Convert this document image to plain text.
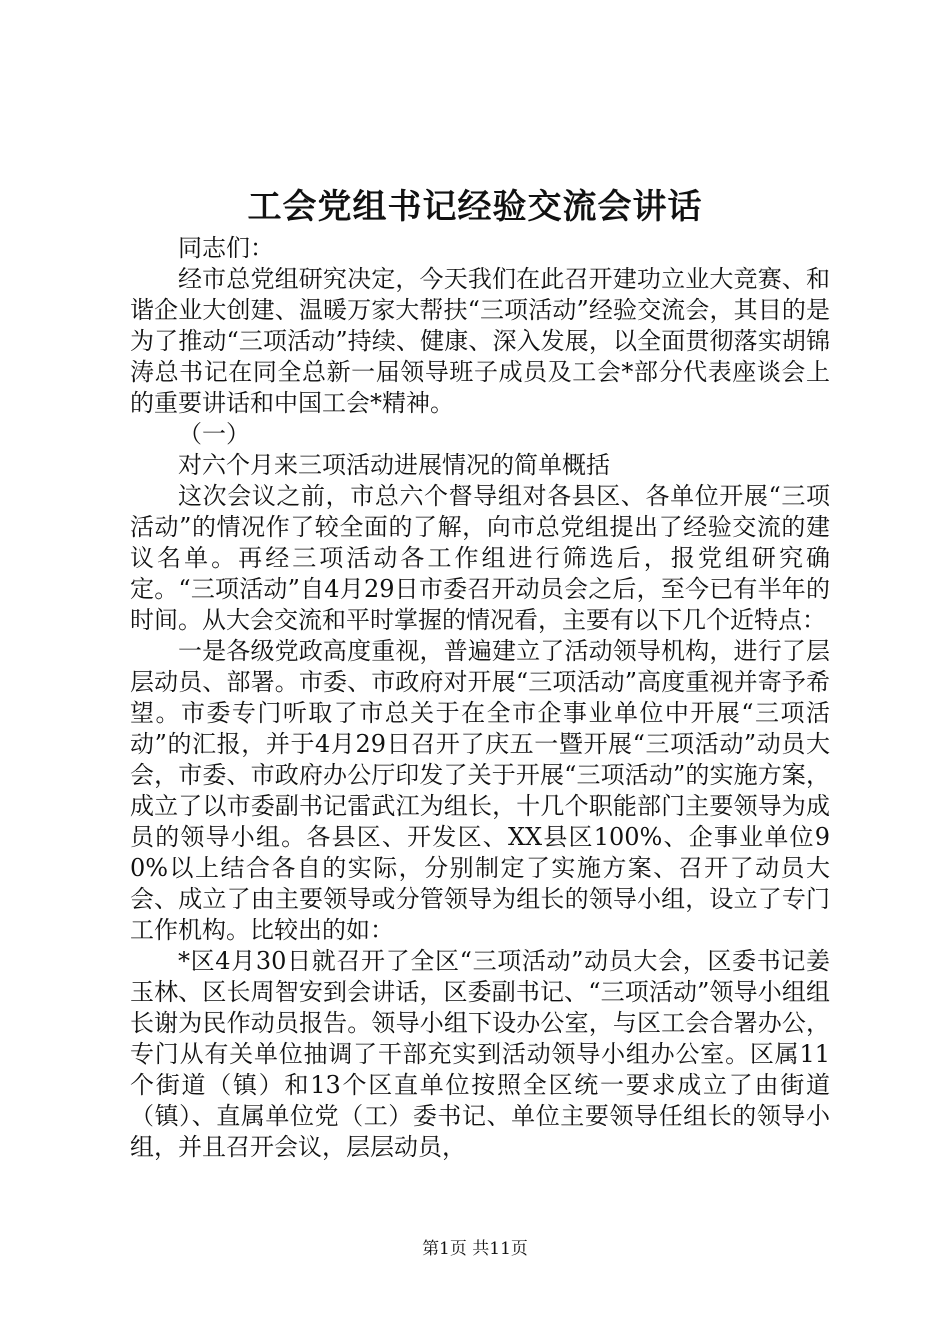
工会党组书记经验交流会讲话

同志们：

经市总党组研究决定，今天我们在此召开建功立业大竞赛、和谐企业大创建、温暖万家大帮扶“三项活动”经验交流会，其目的是为了推动“三项活动”持续、健康、深入发展，以全面贯彻落实胡锦涛总书记在同全总新一届领导班子成员及工会*部分代表座谈会上的重要讲话和中国工会*精神。

（一）

对六个月来三项活动进展情况的简单概括

这次会议之前，市总六个督导组对各县区、各单位开展“三项活动”的情况作了较全面的了解，向市总党组提出了经验交流的建议名单。再经三项活动各工作组进行筛选后，报党组研究确定。“三项活动”自4月29日市委召开动员会之后，至今已有半年的时间。从大会交流和平时掌握的情况看，主要有以下几个近特点：

一是各级党政高度重视，普遍建立了活动领导机构，进行了层层动员、部署。市委、市政府对开展“三项活动”高度重视并寄予希望。市委专门听取了市总关于在全市企事业单位中开展“三项活动”的汇报，并于4月29日召开了庆五一暨开展“三项活动”动员大会，市委、市政府办公厅印发了关于开展“三项活动”的实施方案，成立了以市委副书记雷武江为组长，十几个职能部门主要领导为成员的领导小组。各县区、开发区、XX县区100%、企事业单位90%以上结合各自的实际，分别制定了实施方案、召开了动员大会、成立了由主要领导或分管领导为组长的领导小组，设立了专门工作机构。比较出的如：

*区4月30日就召开了全区“三项活动”动员大会，区委书记姜玉林、区长周智安到会讲话，区委副书记、“三项活动”领导小组组长谢为民作动员报告。领导小组下设办公室，与区工会合署办公，专门从有关单位抽调了干部充实到活动领导小组办公室。区属11个街道（镇）和13个区直单位按照全区统一要求成立了由街道（镇）、直属单位党（工）委书记、单位主要领导任组长的领导小组，并且召开会议，层层动员，

第1页 共11页
